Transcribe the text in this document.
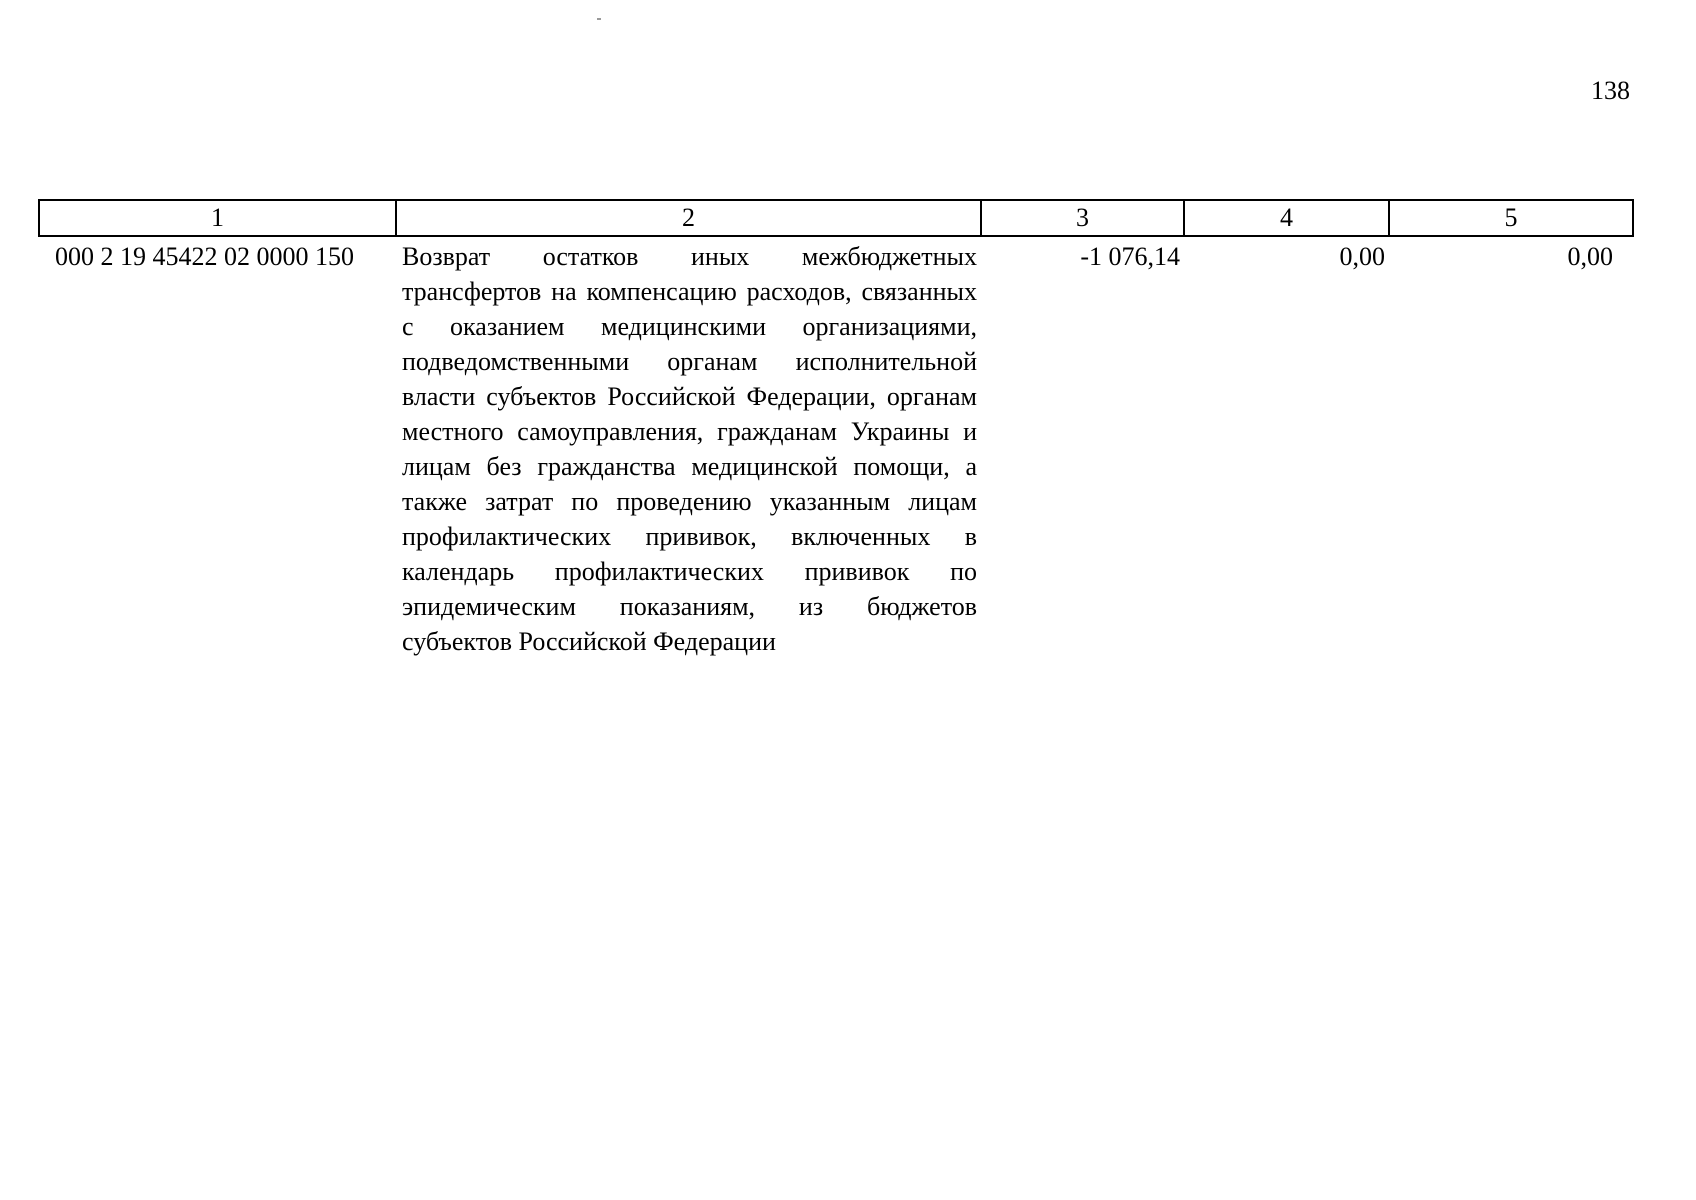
138
1	2	3	4	5
000 2 19 45422 02 0000 150	Возврат остатков иных межбюджетных трансфертов на компенсацию расходов, связанных с оказанием медицинскими организациями, подведомственными органам исполнительной власти субъектов Российской Федерации, органам местного самоуправления, гражданам Украины и лицам без гражданства медицинской помощи, а также затрат по проведению указанным лицам профилактических прививок, включенных в календарь профилактических прививок по эпидемическим показаниям, из бюджетов субъектов Российской Федерации	-1 076,14	0,00	0,00
